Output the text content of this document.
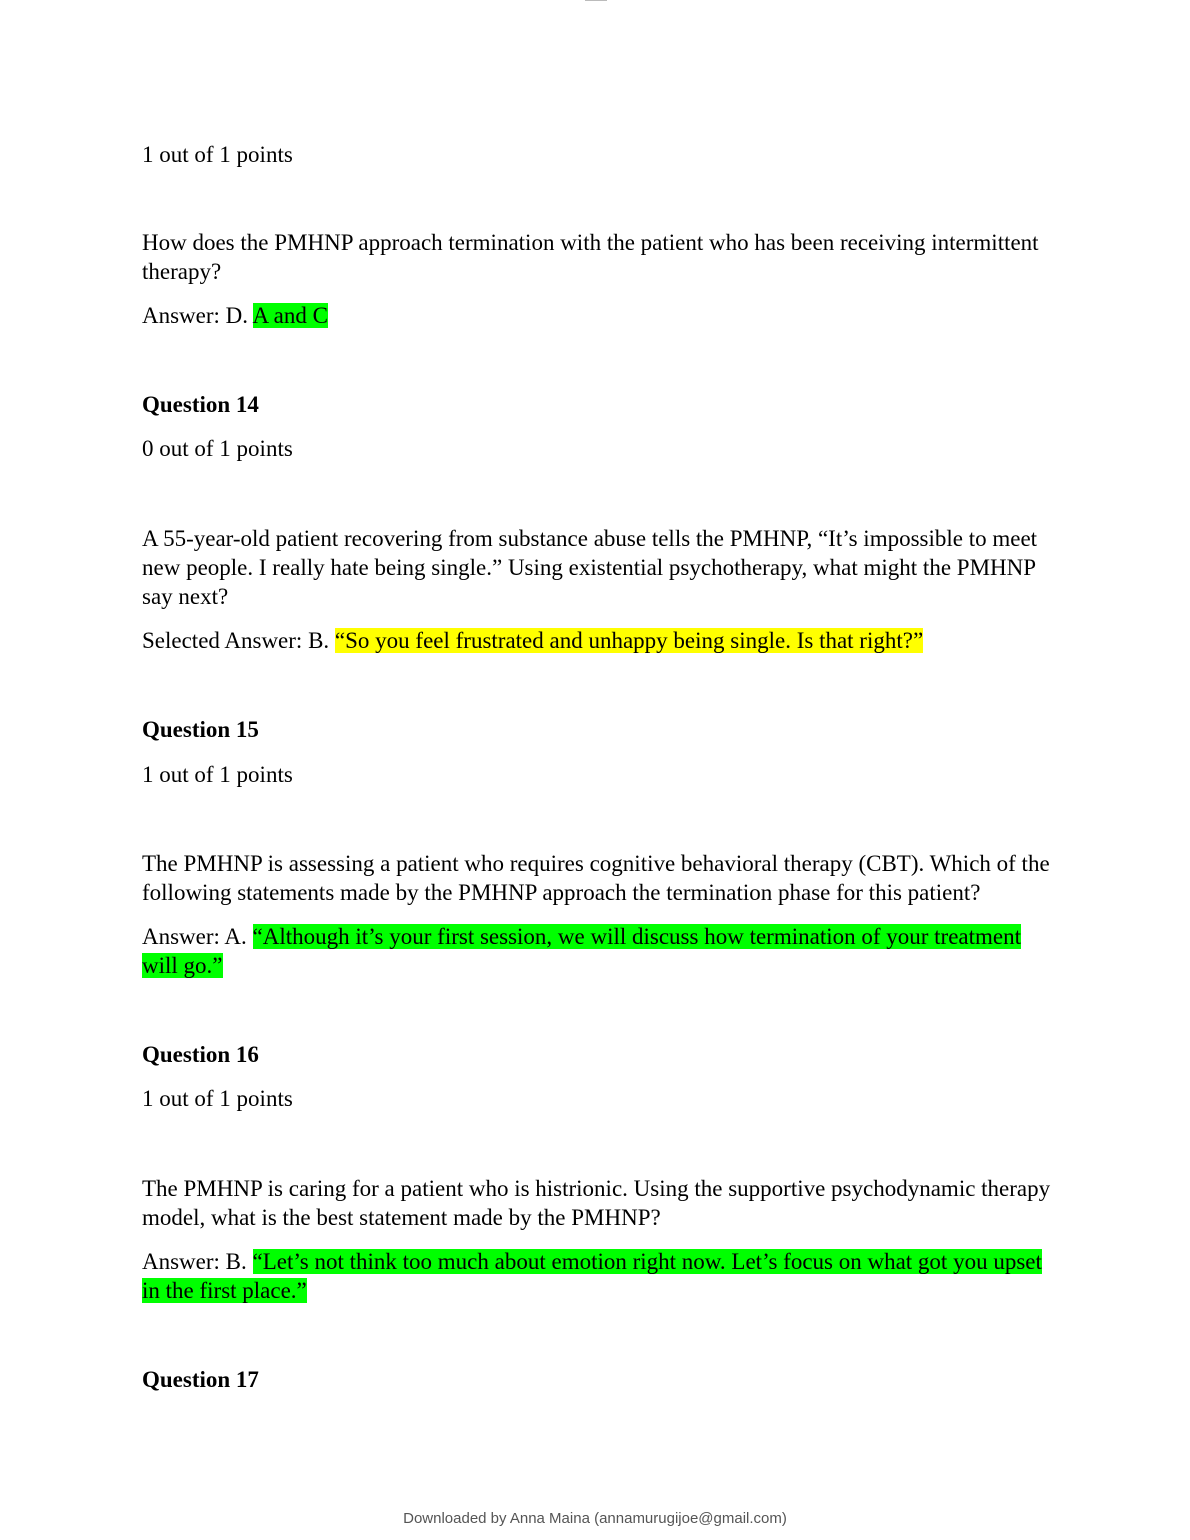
1 out of 1 points

How does the PMHNP approach termination with the patient who has been receiving intermittent therapy?

Answer: D. A and C

Question 14

0 out of 1 points

A 55-year-old patient recovering from substance abuse tells the PMHNP, “It’s impossible to meet new people. I really hate being single.” Using existential psychotherapy, what might the PMHNP say next?

Selected Answer: B. “So you feel frustrated and unhappy being single. Is that right?”

Question 15

1 out of 1 points

The PMHNP is assessing a patient who requires cognitive behavioral therapy (CBT). Which of the following statements made by the PMHNP approach the termination phase for this patient?

Answer: A. “Although it’s your first session, we will discuss how termination of your treatment will go.”

Question 16

1 out of 1 points

The PMHNP is caring for a patient who is histrionic. Using the supportive psychodynamic therapy model, what is the best statement made by the PMHNP?

Answer: B. “Let’s not think too much about emotion right now. Let’s focus on what got you upset in the first place.”

Question 17

Downloaded by Anna Maina (annamurugijoe@gmail.com)
